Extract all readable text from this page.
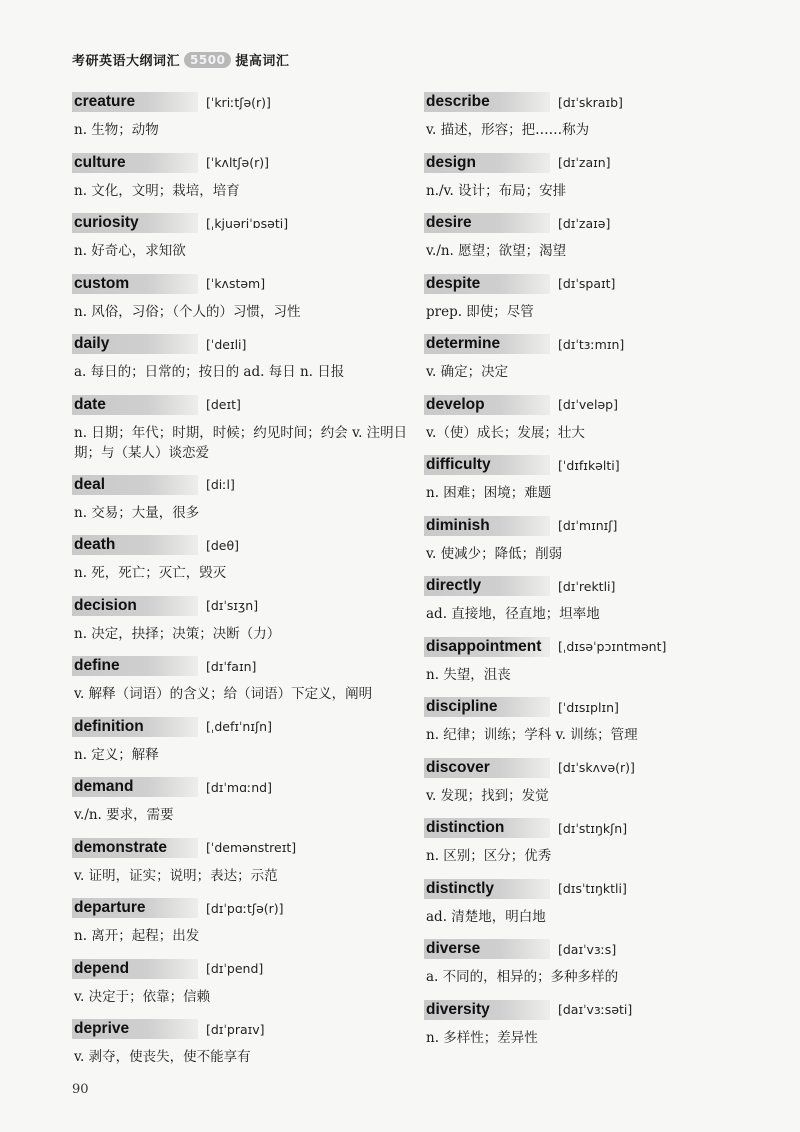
考研英语大纲词汇 5500 提高词汇
creature	[ˈkriːtʃə(r)]
n. 生物；动物
culture	[ˈkʌltʃə(r)]
n. 文化，文明；栽培，培育
curiosity	[ˌkjuəriˈɒsəti]
n. 好奇心，求知欲
custom	[ˈkʌstəm]
n. 风俗，习俗；（个人的）习惯，习性
daily	[ˈdeɪli]
a. 每日的；日常的；按日的 ad. 每日 n. 日报
date	[deɪt]
n. 日期；年代；时期，时候；约见时间；约会 v. 注明日期；与（某人）谈恋爱
deal	[diːl]
n. 交易；大量，很多
death	[deθ]
n. 死，死亡；灭亡，毁灭
decision	[dɪˈsɪʒn]
n. 决定，抉择；决策；决断（力）
define	[dɪˈfaɪn]
v. 解释（词语）的含义；给（词语）下定义，阐明
definition	[ˌdefɪˈnɪʃn]
n. 定义；解释
demand	[dɪˈmɑːnd]
v./n. 要求，需要
demonstrate	[ˈdemənstreɪt]
v. 证明，证实；说明；表达；示范
departure	[dɪˈpɑːtʃə(r)]
n. 离开；起程；出发
depend	[dɪˈpend]
v. 决定于；依靠；信赖
deprive	[dɪˈpraɪv]
v. 剥夺，使丧失，使不能享有
describe	[dɪˈskraɪb]
v. 描述，形容；把……称为
design	[dɪˈzaɪn]
n./v. 设计；布局；安排
desire	[dɪˈzaɪə]
v./n. 愿望；欲望；渴望
despite	[dɪˈspaɪt]
prep. 即使；尽管
determine	[dɪˈtɜːmɪn]
v. 确定；决定
develop	[dɪˈveləp]
v.（使）成长；发展；壮大
difficulty	[ˈdɪfɪkəlti]
n. 困难；困境；难题
diminish	[dɪˈmɪnɪʃ]
v. 使减少；降低；削弱
directly	[dɪˈrektli]
ad. 直接地，径直地；坦率地
disappointment	[ˌdɪsəˈpɔɪntmənt]
n. 失望，沮丧
discipline	[ˈdɪsɪplɪn]
n. 纪律；训练；学科 v. 训练；管理
discover	[dɪˈskʌvə(r)]
v. 发现；找到；发觉
distinction	[dɪˈstɪŋkʃn]
n. 区别；区分；优秀
distinctly	[dɪsˈtɪŋktli]
ad. 清楚地，明白地
diverse	[daɪˈvɜːs]
a. 不同的，相异的；多种多样的
diversity	[daɪˈvɜːsəti]
n. 多样性；差异性
90
